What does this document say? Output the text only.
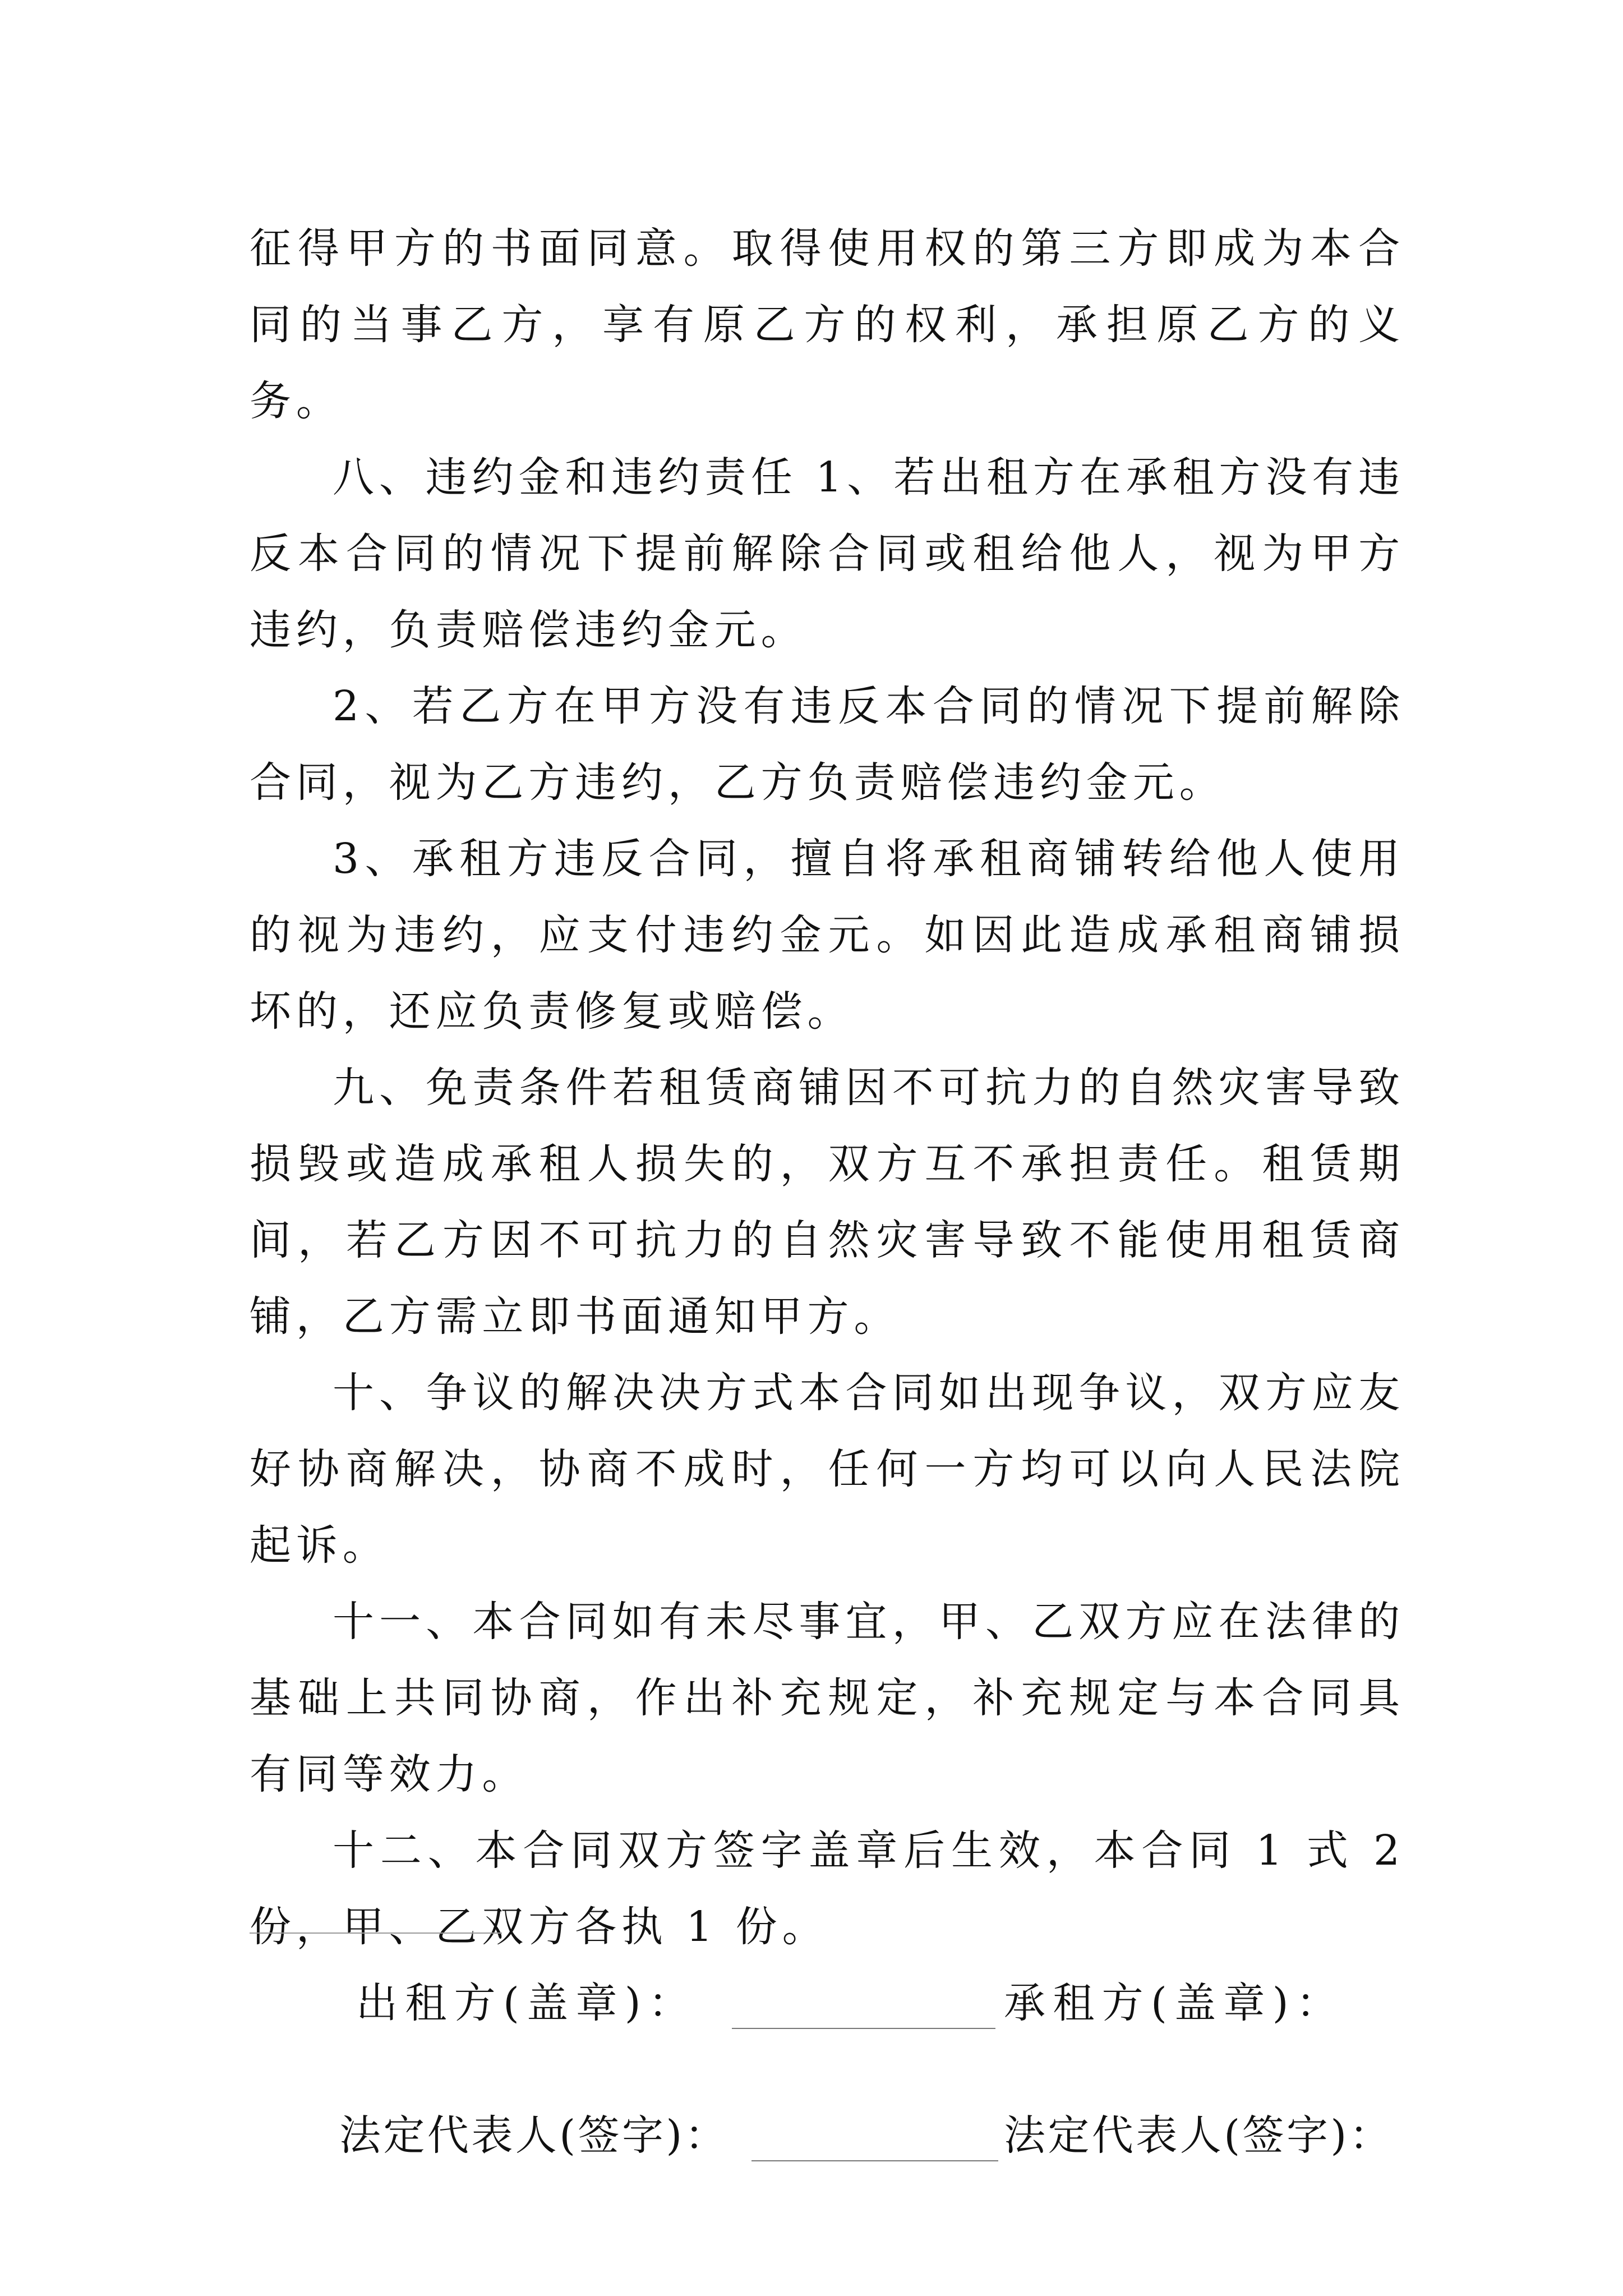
征得甲方的书面同意。取得使用权的第三方即成为本合同的当事乙方，享有原乙方的权利，承担原乙方的义务。

八、违约金和违约责任 1、若出租方在承租方没有违反本合同的情况下提前解除合同或租给他人，视为甲方违约，负责赔偿违约金元。

2、若乙方在甲方没有违反本合同的情况下提前解除合同，视为乙方违约，乙方负责赔偿违约金元。

3、承租方违反合同，擅自将承租商铺转给他人使用的视为违约，应支付违约金元。如因此造成承租商铺损坏的，还应负责修复或赔偿。

九、免责条件若租赁商铺因不可抗力的自然灾害导致损毁或造成承租人损失的，双方互不承担责任。租赁期间，若乙方因不可抗力的自然灾害导致不能使用租赁商铺，乙方需立即书面通知甲方。

十、争议的解决决方式本合同如出现争议，双方应友好协商解决，协商不成时，任何一方均可以向人民法院起诉。

十一、本合同如有未尽事宜，甲、乙双方应在法律的基础上共同协商，作出补充规定，补充规定与本合同具有同等效力。

十二、本合同双方签字盖章后生效，本合同 1 式 2 份，甲、乙双方各执 1 份。

出租方(盖章)：	承租方(盖章)：
法定代表人(签字)：	法定代表人(签字)：
